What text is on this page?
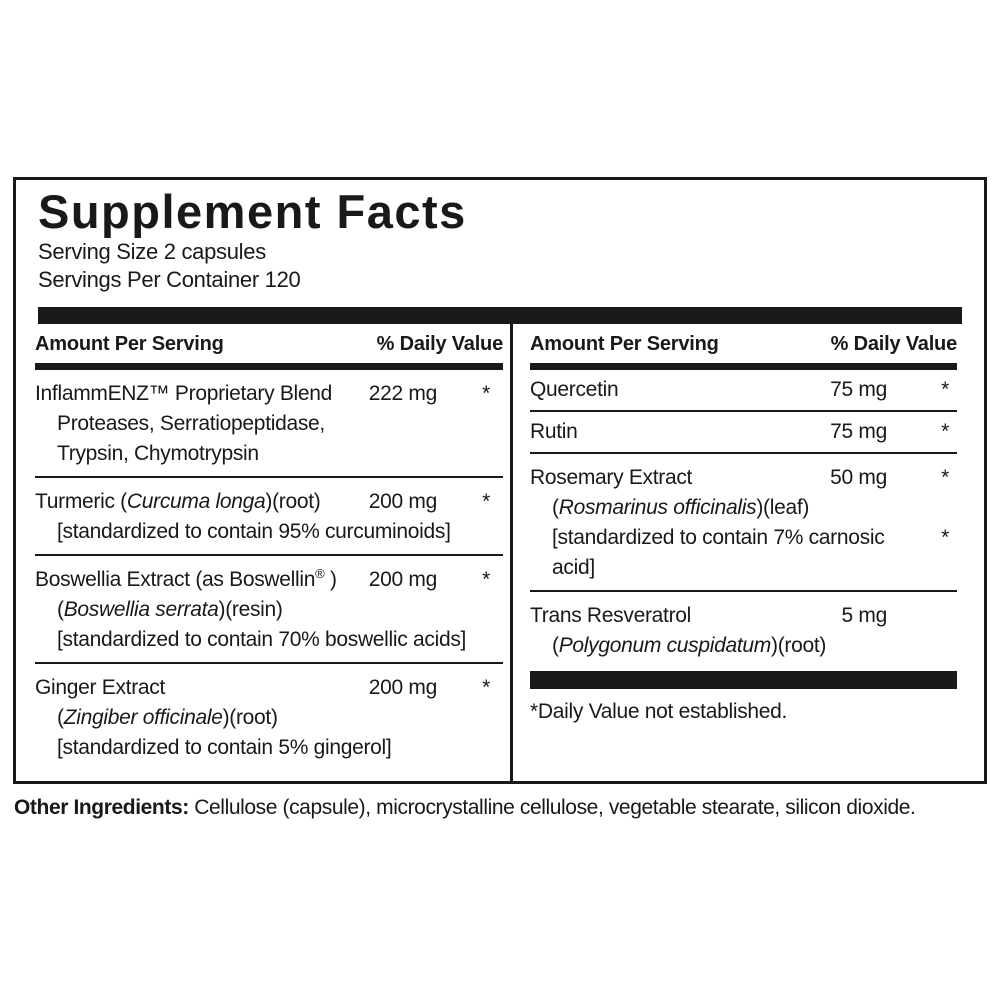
Supplement Facts
Serving Size 2 capsules
Servings Per Container 120
Amount Per Serving	% Daily Value
InflammENZ™ Proprietary Blend	222 mg	*
Proteases, Serratiopeptidase,
Trypsin, Chymotrypsin
Turmeric (Curcuma longa)(root)	200 mg	*
[standardized to contain 95% curcuminoids]
Boswellia Extract (as Boswellin® )	200 mg	*
(Boswellia serrata)(resin)
[standardized to contain 70% boswellic acids]
Ginger Extract	200 mg	*
(Zingiber officinale)(root)
[standardized to contain 5% gingerol]
Amount Per Serving	% Daily Value
Quercetin	75 mg	*
Rutin	75 mg	*
Rosemary Extract	50 mg	*
(Rosmarinus officinalis)(leaf)
[standardized to contain 7% carnosic acid]
*
Trans Resveratrol	5 mg
(Polygonum cuspidatum)(root)
*Daily Value not established.
Other Ingredients: Cellulose (capsule), microcrystalline cellulose, vegetable stearate, silicon dioxide.
